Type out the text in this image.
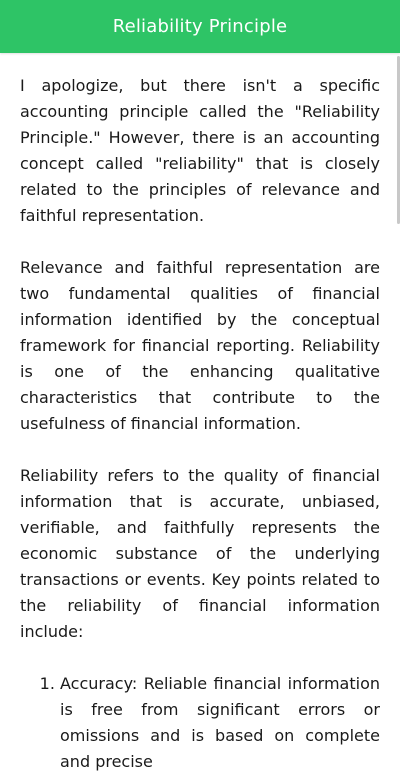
Reliability Principle

I apologize, but there isn't a specific accounting principle called the "Reliability Principle." However, there is an accounting concept called "reliability" that is closely related to the principles of relevance and faithful representation.

Relevance and faithful representation are two fundamental qualities of financial information identified by the conceptual framework for financial reporting. Reliability is one of the enhancing qualitative characteristics that contribute to the usefulness of financial information.

Reliability refers to the quality of financial information that is accurate, unbiased, verifiable, and faithfully represents the economic substance of the underlying transactions or events. Key points related to the reliability of financial information include:

1. Accuracy: Reliable financial information is free from significant errors or omissions and is based on complete and precise
